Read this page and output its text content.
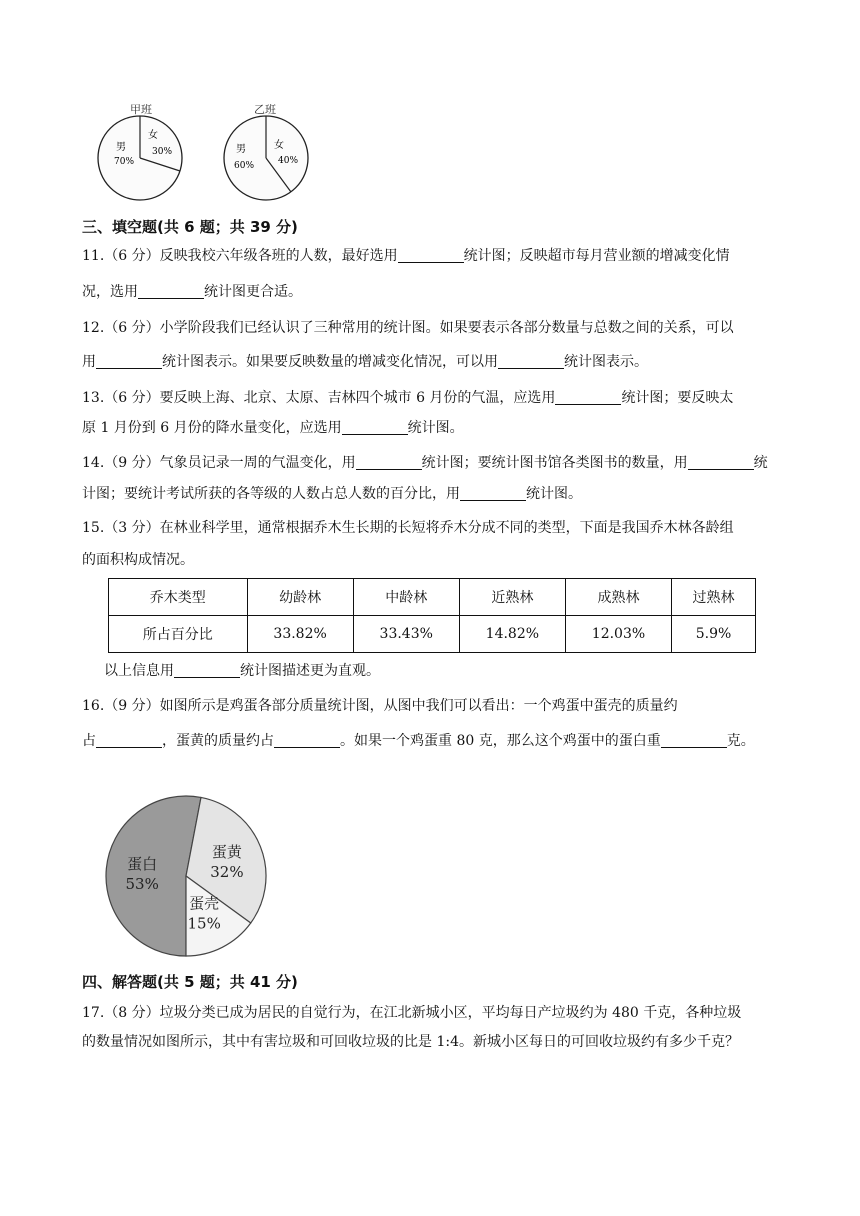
甲班	乙班
女
30%
男
70%
女
40%
男
60%
三、填空题(共 6 题；共 39 分)
11.（6 分）反映我校六年级各班的人数，最好选用	统计图；反映超市每月营业额的增减变化情
况，选用	统计图更合适。
12.（6 分）小学阶段我们已经认识了三种常用的统计图。如果要表示各部分数量与总数之间的关系，可以
用	统计图表示。如果要反映数量的增减变化情况，可以用	统计图表示。
13.（6 分）要反映上海、北京、太原、吉林四个城市 6 月份的气温，应选用	统计图；要反映太
原 1 月份到 6 月份的降水量变化，应选用	统计图。
14.（9 分）气象员记录一周的气温变化，用	统计图；要统计图书馆各类图书的数量，用	统
计图；要统计考试所获的各等级的人数占总人数的百分比，用	统计图。
15.（3 分）在林业科学里，通常根据乔木生长期的长短将乔木分成不同的类型，下面是我国乔木林各龄组
的面积构成情况。
乔木类型	幼龄林	中龄林	近熟林	成熟林	过熟林
所占百分比	33.82%	33.43%	14.82%	12.03%	5.9%
以上信息用	统计图描述更为直观。
16.（9 分）如图所示是鸡蛋各部分质量统计图，从图中我们可以看出：一个鸡蛋中蛋壳的质量约
占	，蛋黄的质量约占	。如果一个鸡蛋重 80 克，那么这个鸡蛋中的蛋白重	克。
蛋白
53%
蛋黄
32%
蛋壳
15%
四、解答题(共 5 题；共 41 分)
17.（8 分）垃圾分类已成为居民的自觉行为，在江北新城小区，平均每日产垃圾约为 480 千克，各种垃圾
的数量情况如图所示，其中有害垃圾和可回收垃圾的比是 1:4。新城小区每日的可回收垃圾约有多少千克？
